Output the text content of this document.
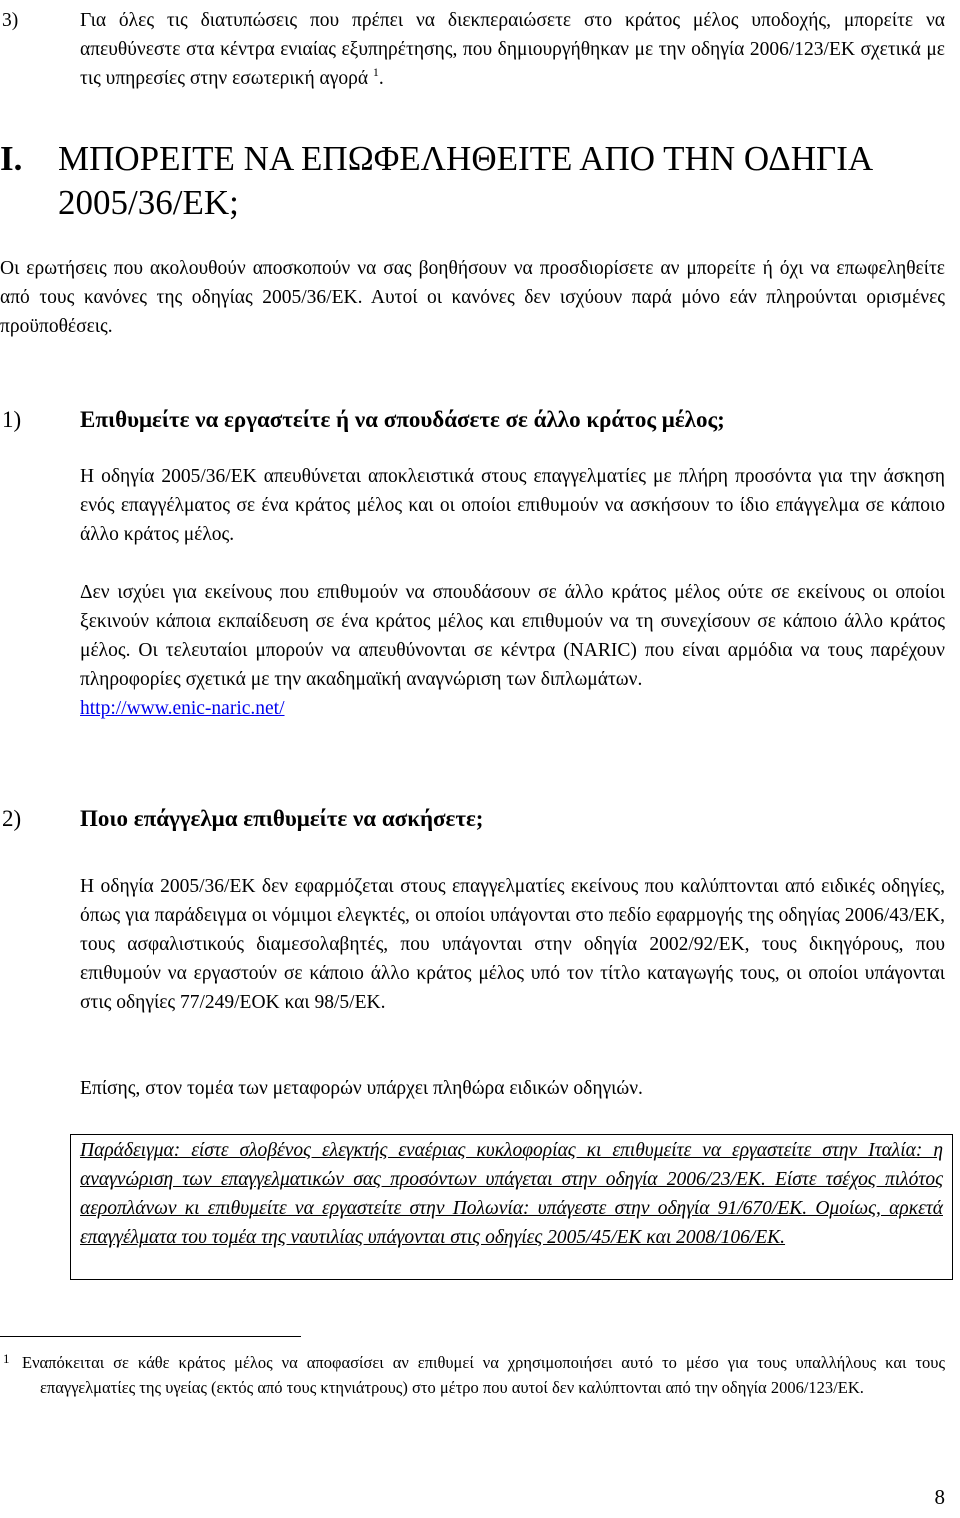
3)	Για όλες τις διατυπώσεις που πρέπει να διεκπεραιώσετε στο κράτος μέλος υποδοχής, μπορείτε να απευθύνεστε στα κέντρα ενιαίας εξυπηρέτησης, που δημιουργήθηκαν με την οδηγία 2006/123/ΕΚ σχετικά με τις υπηρεσίες στην εσωτερική αγορά $^1$.
I. ΜΠΟΡΕΙΤΕ ΝΑ ΕΠΩΦΕΛΗΘΕΙΤΕ ΑΠΟ ΤΗΝ ΟΔΗΓΙΑ 2005/36/ΕΚ;
Οι ερωτήσεις που ακολουθούν αποσκοπούν να σας βοηθήσουν να προσδιορίσετε αν μπορείτε ή όχι να επωφεληθείτε από τους κανόνες της οδηγίας 2005/36/ΕΚ. Αυτοί οι κανόνες δεν ισχύουν παρά μόνο εάν πληρούνται ορισμένες προϋποθέσεις.
1)	Επιθυμείτε να εργαστείτε ή να σπουδάσετε σε άλλο κράτος μέλος;
Η οδηγία 2005/36/ΕΚ απευθύνεται αποκλειστικά στους επαγγελματίες με πλήρη προσόντα για την άσκηση ενός επαγγέλματος σε ένα κράτος μέλος και οι οποίοι επιθυμούν να ασκήσουν το ίδιο επάγγελμα σε κάποιο άλλο κράτος μέλος.
Δεν ισχύει για εκείνους που επιθυμούν να σπουδάσουν σε άλλο κράτος μέλος ούτε σε εκείνους οι οποίοι ξεκινούν κάποια εκπαίδευση σε ένα κράτος μέλος και επιθυμούν να τη συνεχίσουν σε κάποιο άλλο κράτος μέλος. Οι τελευταίοι μπορούν να απευθύνονται σε κέντρα (NARIC) που είναι αρμόδια να τους παρέχουν πληροφορίες σχετικά με την ακαδημαϊκή αναγνώριση των διπλωμάτων.
http://www.enic-naric.net/
2)	Ποιο επάγγελμα επιθυμείτε να ασκήσετε;
Η οδηγία 2005/36/ΕΚ δεν εφαρμόζεται στους επαγγελματίες εκείνους που καλύπτονται από ειδικές οδηγίες, όπως για παράδειγμα οι νόμιμοι ελεγκτές, οι οποίοι υπάγονται στο πεδίο εφαρμογής της οδηγίας 2006/43/ΕΚ, τους ασφαλιστικούς διαμεσολαβητές, που υπάγονται στην οδηγία 2002/92/ΕΚ, τους δικηγόρους, που επιθυμούν να εργαστούν σε κάποιο άλλο κράτος μέλος υπό τον τίτλο καταγωγής τους, οι οποίοι υπάγονται στις οδηγίες 77/249/ΕΟΚ και 98/5/ΕΚ.
Επίσης, στον τομέα των μεταφορών υπάρχει πληθώρα ειδικών οδηγιών.
Παράδειγμα: είστε σλοβένος ελεγκτής εναέριας κυκλοφορίας κι επιθυμείτε να εργαστείτε στην Ιταλία: η αναγνώριση των επαγγελματικών σας προσόντων υπάγεται στην οδηγία 2006/23/ΕΚ. Είστε τσέχος πιλότος αεροπλάνων κι επιθυμείτε να εργαστείτε στην Πολωνία: υπάγεστε στην οδηγία 91/670/ΕΚ. Ομοίως, αρκετά επαγγέλματα του τομέα της ναυτιλίας υπάγονται στις οδηγίες 2005/45/ΕΚ και 2008/106/ΕΚ.
1 Εναπόκειται σε κάθε κράτος μέλος να αποφασίσει αν επιθυμεί να χρησιμοποιήσει αυτό το μέσο για τους υπαλλήλους και τους επαγγελματίες της υγείας (εκτός από τους κτηνιάτρους) στο μέτρο που αυτοί δεν καλύπτονται από την οδηγία 2006/123/ΕΚ.
8
